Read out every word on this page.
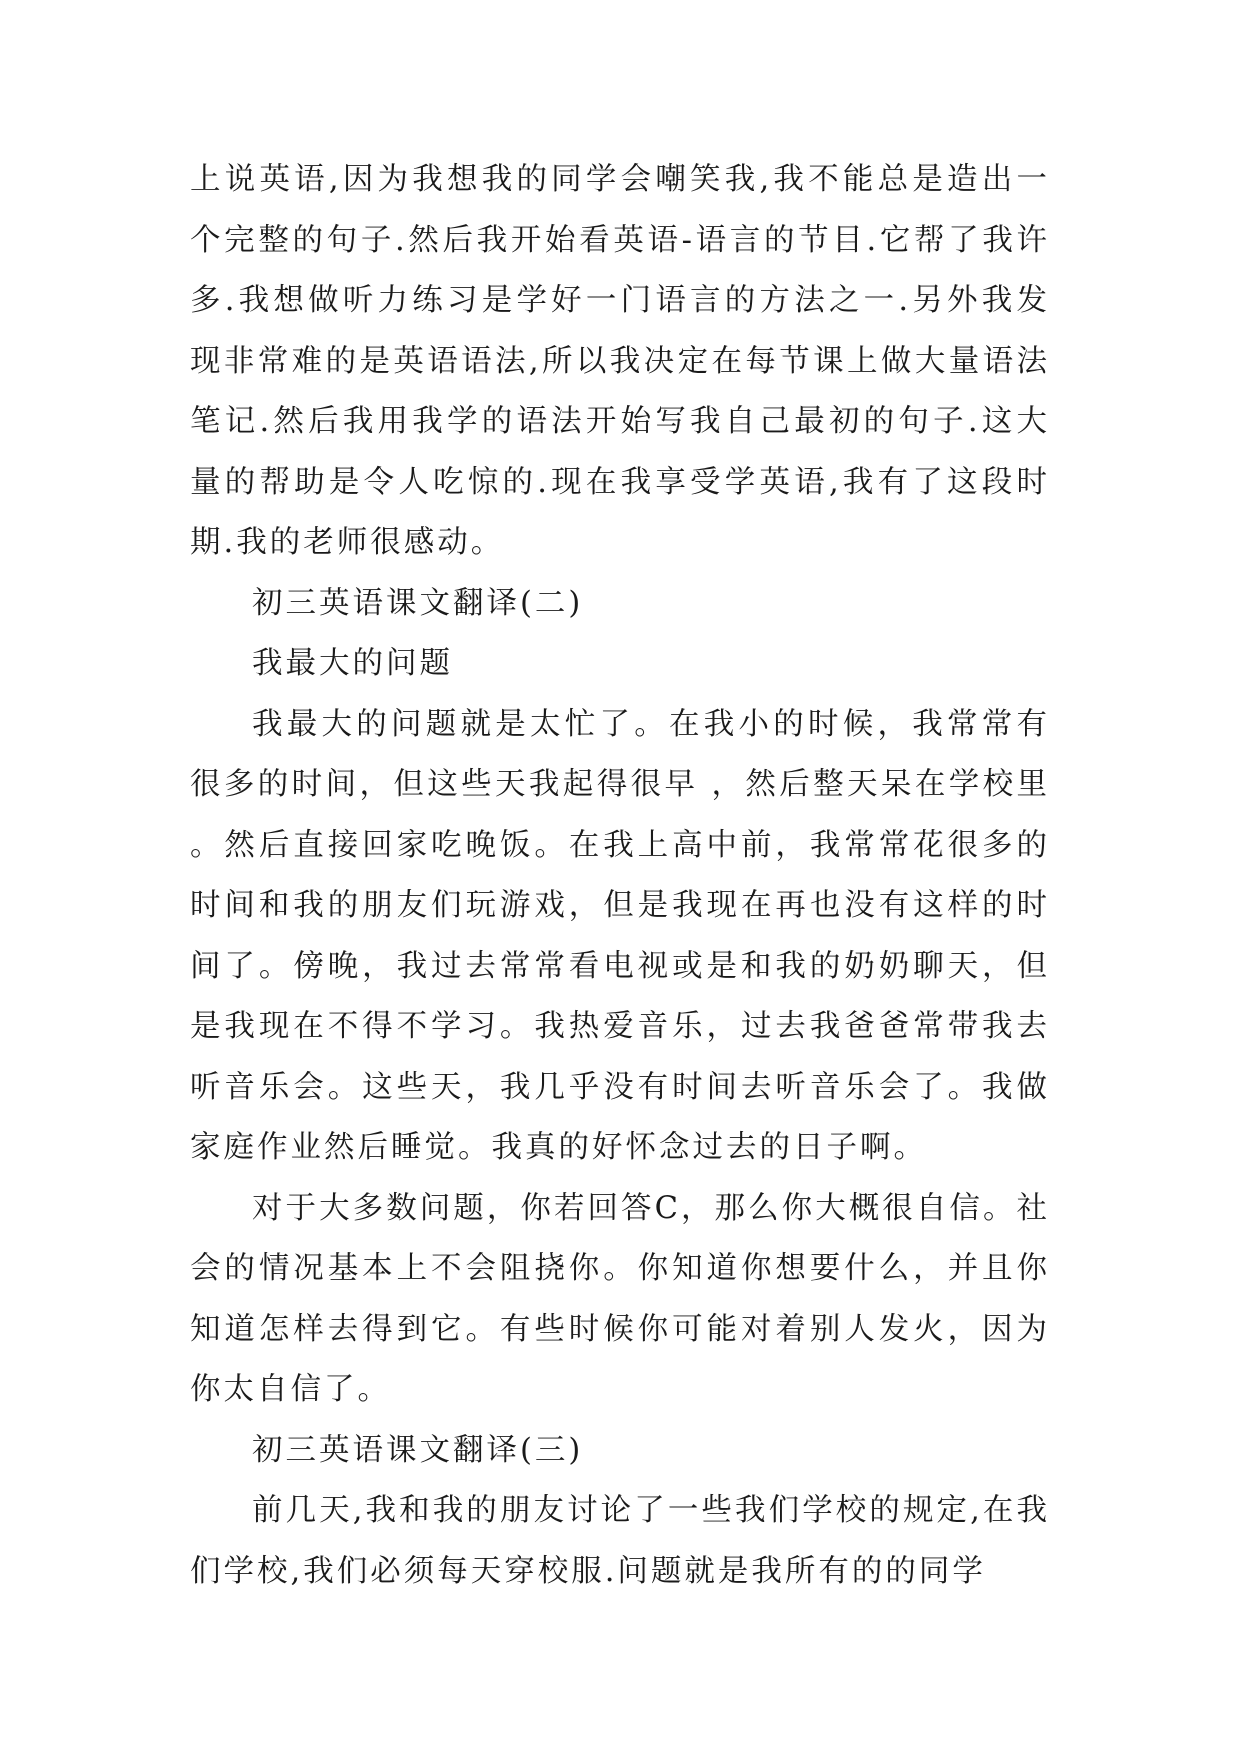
上说英语,因为我想我的同学会嘲笑我,我不能总是造出一个完整的句子.然后我开始看英语-语言的节目.它帮了我许多.我想做听力练习是学好一门语言的方法之一.另外我发现非常难的是英语语法,所以我决定在每节课上做大量语法笔记.然后我用我学的语法开始写我自己最初的句子.这大量的帮助是令人吃惊的.现在我享受学英语,我有了这段时期.我的老师很感动。

初三英语课文翻译(二)
我最大的问题

我最大的问题就是太忙了。在我小的时候，我常常有很多的时间，但这些天我起得很早 ，然后整天呆在学校里。然后直接回家吃晚饭。在我上高中前，我常常花很多的时间和我的朋友们玩游戏，但是我现在再也没有这样的时间了。傍晚，我过去常常看电视或是和我的奶奶聊天，但是我现在不得不学习。我热爱音乐，过去我爸爸常带我去听音乐会。这些天，我几乎没有时间去听音乐会了。我做家庭作业然后睡觉。我真的好怀念过去的日子啊。

对于大多数问题，你若回答C，那么你大概很自信。社会的情况基本上不会阻挠你。你知道你想要什么，并且你知道怎样去得到它。有些时候你可能对着别人发火，因为你太自信了。

初三英语课文翻译(三)

前几天,我和我的朋友讨论了一些我们学校的规定,在我们学校,我们必须每天穿校服.问题就是我所有的的同学
